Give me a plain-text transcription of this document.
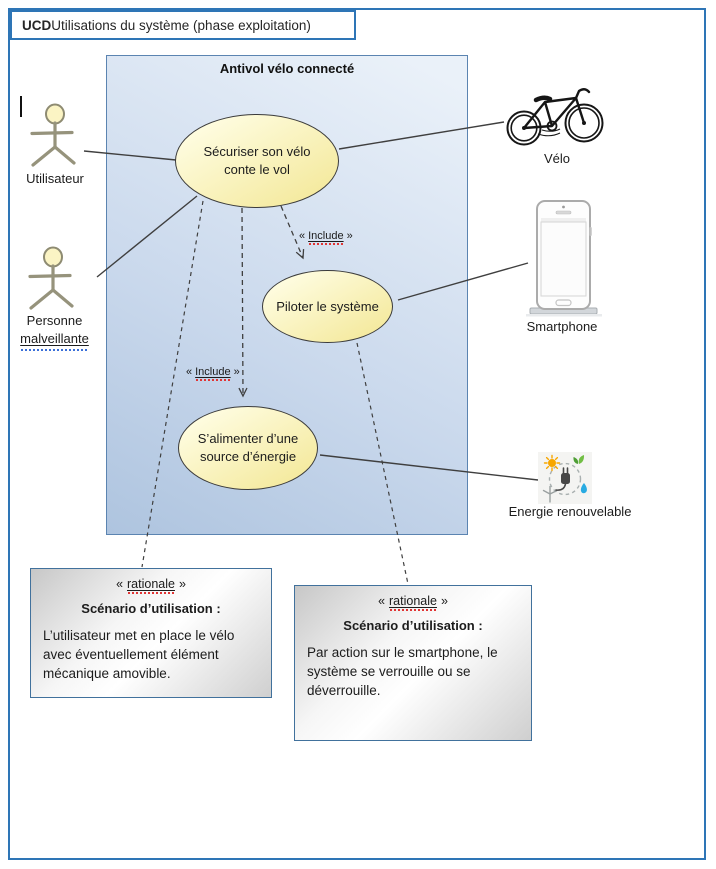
UCD Utilisations du système (phase exploitation)
Antivol vélo connecté
Sécuriser son vélo conte le vol
Piloter le système
S’alimenter d’une source d’énergie
« Include »
« Include »
Utilisateur
Personne
malveillante
Vélo
Smartphone
Energie renouvelable
« rationale »
Scénario d’utilisation :
L’utilisateur met en place le vélo avec éventuellement élément mécanique amovible.
« rationale »
Scénario d’utilisation :
Par action sur le smartphone, le système se verrouille ou se déverrouille.
